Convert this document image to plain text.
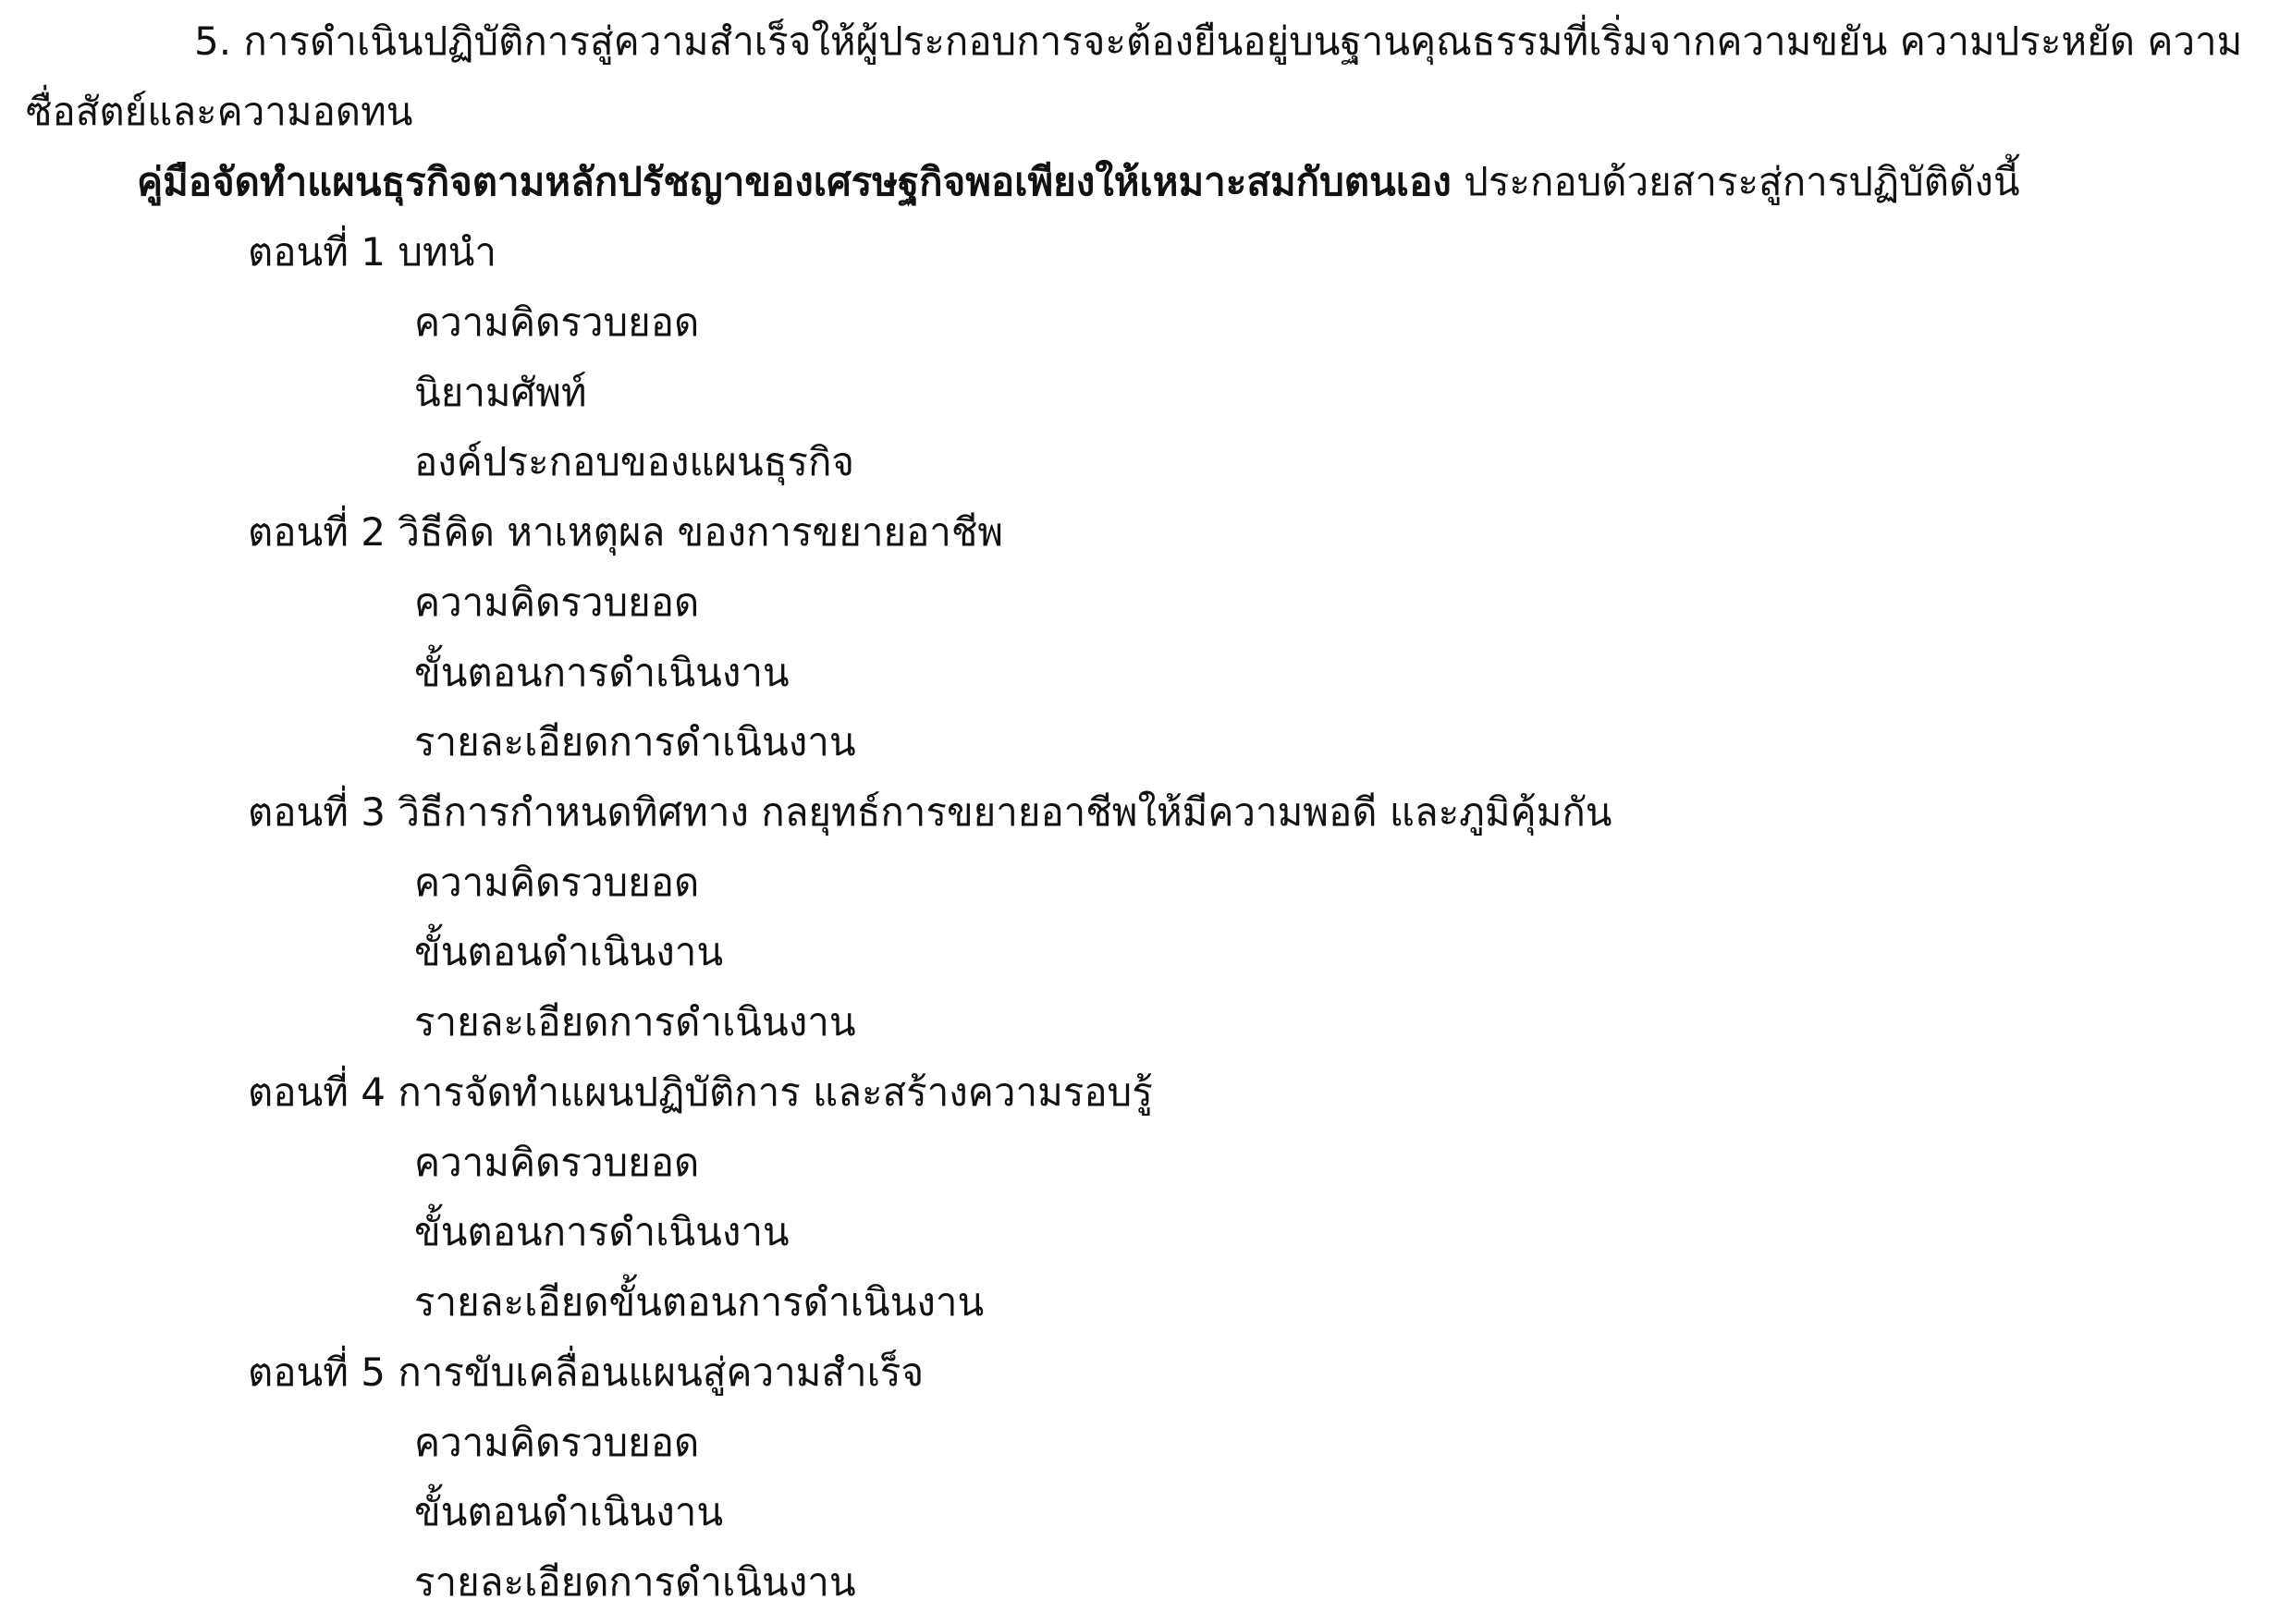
5. การดำเนินปฏิบัติการสู่ความสำเร็จให้ผู้ประกอบการจะต้องยืนอยู่บนฐานคุณธรรมที่เริ่มจากความขยัน ความประหยัด ความ
ซื่อสัตย์และความอดทน
คู่มือจัดทำแผนธุรกิจตามหลักปรัชญาของเศรษฐกิจพอเพียงให้เหมาะสมกับตนเอง ประกอบด้วยสาระสู่การปฏิบัติดังนี้
ตอนที่ 1 บทนำ
ความคิดรวบยอด
นิยามศัพท์
องค์ประกอบของแผนธุรกิจ
ตอนที่ 2 วิธีคิด หาเหตุผล ของการขยายอาชีพ
ความคิดรวบยอด
ขั้นตอนการดำเนินงาน
รายละเอียดการดำเนินงาน
ตอนที่ 3 วิธีการกำหนดทิศทาง กลยุทธ์การขยายอาชีพให้มีความพอดี และภูมิคุ้มกัน
ความคิดรวบยอด
ขั้นตอนดำเนินงาน
รายละเอียดการดำเนินงาน
ตอนที่ 4 การจัดทำแผนปฏิบัติการ และสร้างความรอบรู้
ความคิดรวบยอด
ขั้นตอนการดำเนินงาน
รายละเอียดขั้นตอนการดำเนินงาน
ตอนที่ 5 การขับเคลื่อนแผนสู่ความสำเร็จ
ความคิดรวบยอด
ขั้นตอนดำเนินงาน
รายละเอียดการดำเนินงาน
